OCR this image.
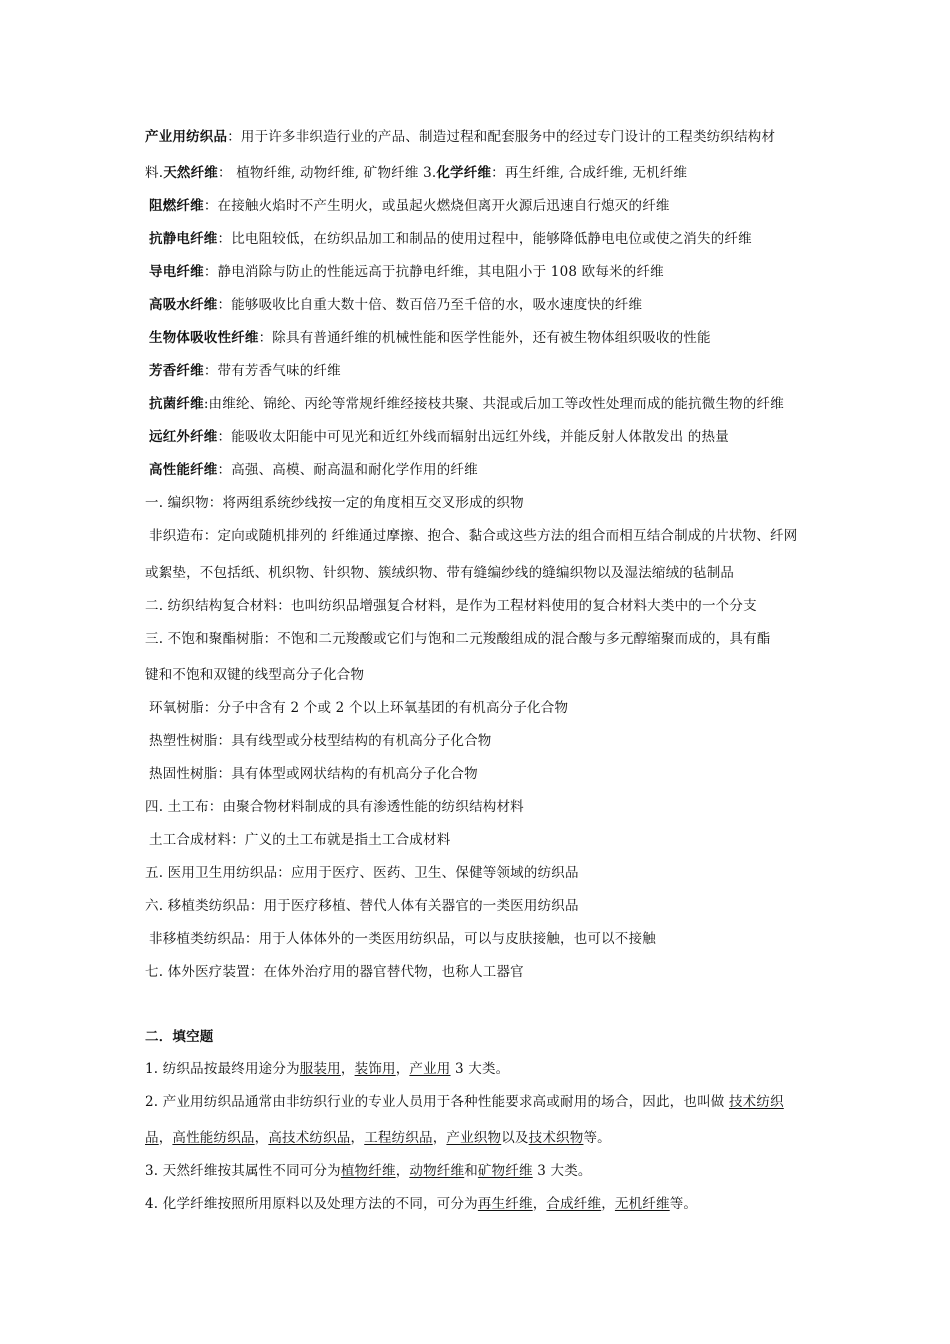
产业用纺织品：用于许多非织造行业的产品、制造过程和配套服务中的经过专门设计的工程类纺织结构材
料.天然纤维： 植物纤维, 动物纤维, 矿物纤维 3.化学纤维：再生纤维, 合成纤维, 无机纤维
阻燃纤维：在接触火焰时不产生明火，或虽起火燃烧但离开火源后迅速自行熄灭的纤维
抗静电纤维：比电阻较低，在纺织品加工和制品的使用过程中，能够降低静电电位或使之消失的纤维
导电纤维：静电消除与防止的性能远高于抗静电纤维，其电阻小于 108 欧每米的纤维
高吸水纤维：能够吸收比自重大数十倍、数百倍乃至千倍的水，吸水速度快的纤维
生物体吸收性纤维：除具有普通纤维的机械性能和医学性能外，还有被生物体组织吸收的性能
芳香纤维：带有芳香气味的纤维
抗菌纤维:由维纶、锦纶、丙纶等常规纤维经接枝共聚、共混或后加工等改性处理而成的能抗微生物的纤维
远红外纤维：能吸收太阳能中可见光和近红外线而辐射出远红外线，并能反射人体散发出 的热量
高性能纤维：高强、高模、耐高温和耐化学作用的纤维
一. 编织物：将两组系统纱线按一定的角度相互交叉形成的织物
非织造布：定向或随机排列的 纤维通过摩擦、抱合、黏合或这些方法的组合而相互结合制成的片状物、纤网
或絮垫，不包括纸、机织物、针织物、簇绒织物、带有缝编纱线的缝编织物以及湿法缩绒的毡制品
二. 纺织结构复合材料：也叫纺织品增强复合材料，是作为工程材料使用的复合材料大类中的一个分支
三. 不饱和聚酯树脂：不饱和二元羧酸或它们与饱和二元羧酸组成的混合酸与多元醇缩聚而成的，具有酯
键和不饱和双键的线型高分子化合物
环氧树脂：分子中含有 2 个或 2 个以上环氧基团的有机高分子化合物
热塑性树脂：具有线型或分枝型结构的有机高分子化合物
热固性树脂：具有体型或网状结构的有机高分子化合物
四. 土工布：由聚合物材料制成的具有渗透性能的纺织结构材料
土工合成材料：广义的土工布就是指土工合成材料
五. 医用卫生用纺织品：应用于医疗、医药、卫生、保健等领域的纺织品
六. 移植类纺织品：用于医疗移植、替代人体有关器官的一类医用纺织品
非移植类纺织品：用于人体体外的一类医用纺织品，可以与皮肤接触，也可以不接触
七. 体外医疗装置：在体外治疗用的器官替代物，也称人工器官
二．填空题
1. 纺织品按最终用途分为服装用，装饰用，产业用 3 大类。
2. 产业用纺织品通常由非纺织行业的专业人员用于各种性能要求高或耐用的场合，因此，也叫做 技术纺织
品，高性能纺织品，高技术纺织品，工程纺织品，产业织物以及技术织物等。
3. 天然纤维按其属性不同可分为植物纤维，动物纤维和矿物纤维 3 大类。
4. 化学纤维按照所用原料以及处理方法的不同，可分为再生纤维，合成纤维，无机纤维等。
